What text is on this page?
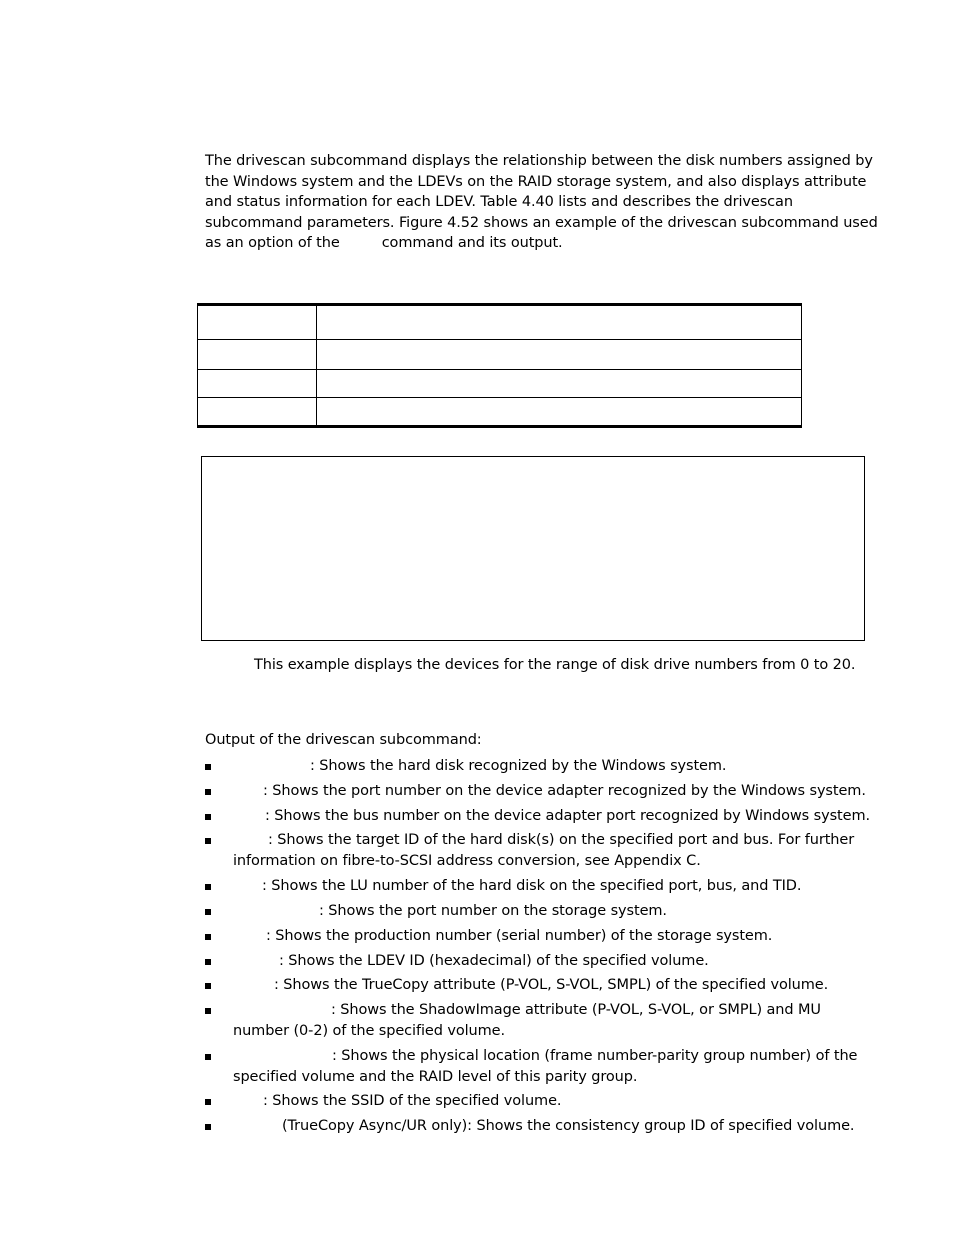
The drivescan subcommand displays the relationship between the disk numbers assigned by

the Windows system and the LDEVs on the RAID storage system, and also displays attribute

and status information for each LDEV. Table 4.40 lists and describes the drivescan

subcommand parameters. Figure 4.52 shows an example of the drivescan subcommand used

as an option of the	command and its output.

This example displays the devices for the range of disk drive numbers from 0 to 20.
Output of the drivescan subcommand:
: Shows the hard disk recognized by the Windows system.
: Shows the port number on the device adapter recognized by the Windows system.
: Shows the bus number on the device adapter port recognized by Windows system.
: Shows the target ID of the hard disk(s) on the specified port and bus. For further
information on fibre-to-SCSI address conversion, see Appendix C.
: Shows the LU number of the hard disk on the specified port, bus, and TID.
: Shows the port number on the storage system.
: Shows the production number (serial number) of the storage system.
: Shows the LDEV ID (hexadecimal) of the specified volume.
: Shows the TrueCopy attribute (P-VOL, S-VOL, SMPL) of the specified volume.
: Shows the ShadowImage attribute (P-VOL, S-VOL, or SMPL) and MU
number (0-2) of the specified volume.
: Shows the physical location (frame number-parity group number) of the
specified volume and the RAID level of this parity group.
: Shows the SSID of the specified volume.
(TrueCopy Async/UR only): Shows the consistency group ID of specified volume.
